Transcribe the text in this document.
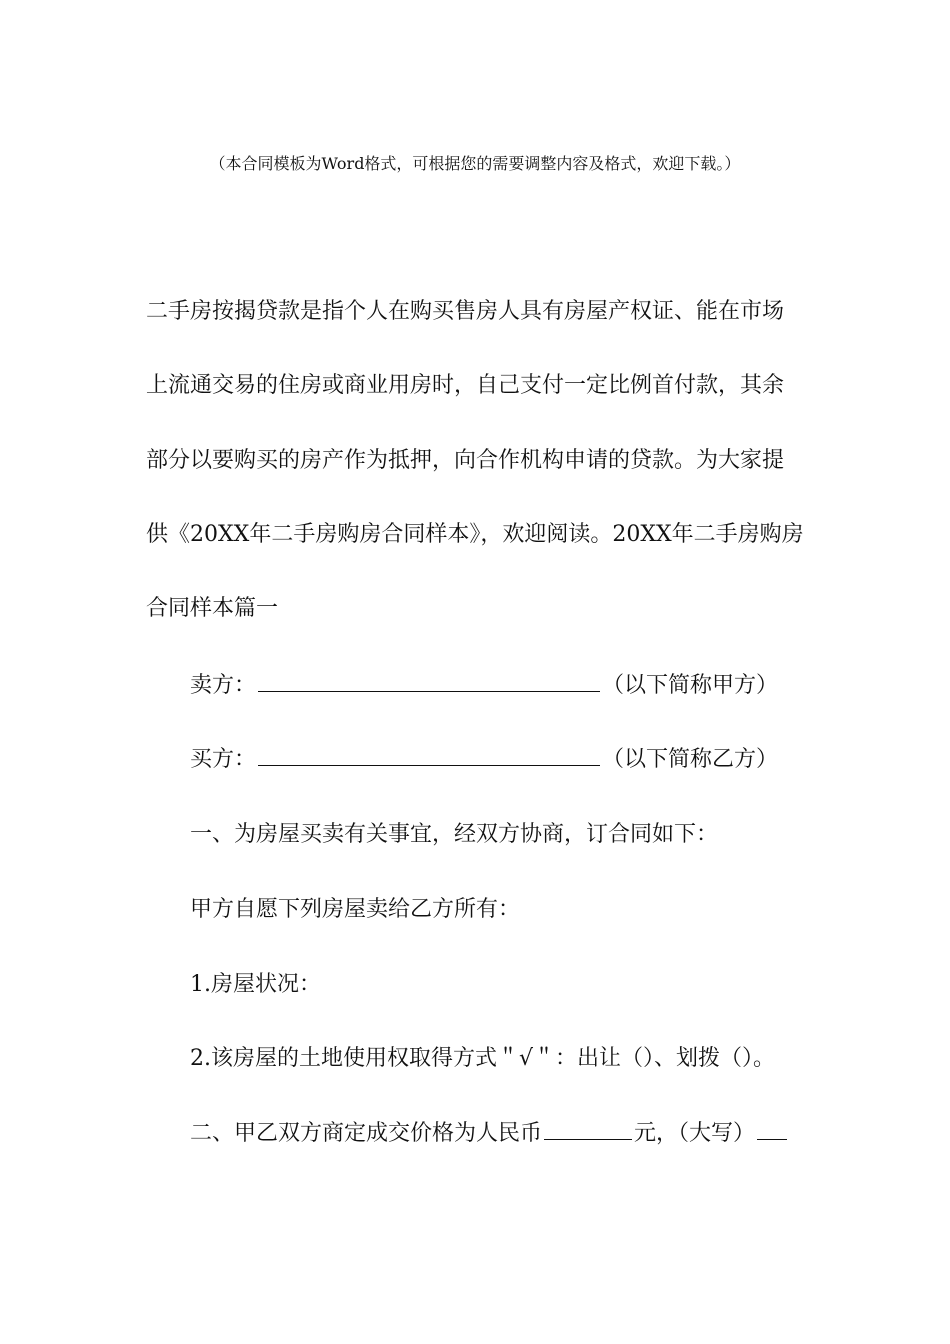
（本合同模板为Word格式，可根据您的需要调整内容及格式，欢迎下载。）
二手房按揭贷款是指个人在购买售房人具有房屋产权证、能在市场
上流通交易的住房或商业用房时，自己支付一定比例首付款，其余
部分以要购买的房产作为抵押，向合作机构申请的贷款。为大家提
供《20XX年二手房购房合同样本》，欢迎阅读。20XX年二手房购房
合同样本篇一
卖方：	（以下简称甲方）
买方：	（以下简称乙方）
一、为房屋买卖有关事宜，经双方协商，订合同如下：
甲方自愿下列房屋卖给乙方所有：
1.房屋状况：
2.该房屋的土地使用权取得方式＂√＂：出让（）、划拨（）。
二、甲乙双方商定成交价格为人民币	元，（大写）
